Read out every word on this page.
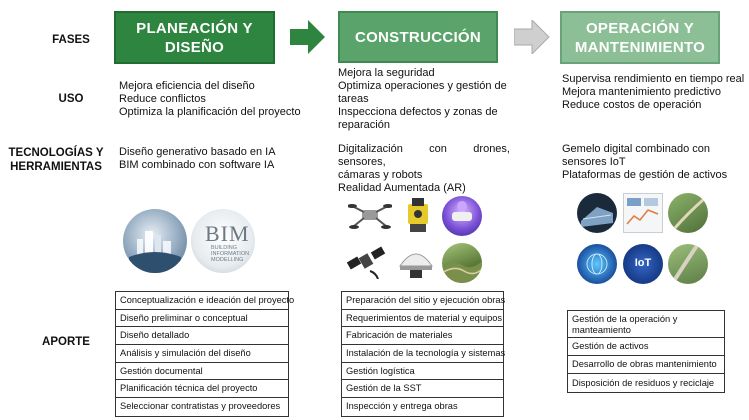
FASES
USO
TECNOLOGÍAS Y
HERRAMIENTAS
APORTE
PLANEACIÓN Y
DISEÑO
CONSTRUCCIÓN
OPERACIÓN Y
MANTENIMIENTO
Mejora eficiencia del diseño
Reduce conflictos
Optimiza la planificación del proyecto
Mejora la seguridad
Optimiza operaciones y gestión de
tareas
Inspecciona defectos y zonas de
reparación
Supervisa rendimiento en tiempo real
Mejora mantenimiento predictivo
Reduce costos de operación
Diseño generativo basado en IA
BIM combinado con software IA
Digitalización con drones, sensores,
cámaras y robots
Realidad Aumentada (AR)
Gemelo digital combinado con
sensores IoT
Plataformas de gestión de activos
BIM
BUILDING
INFORMATION
MODELLING	IoT
Conceptualización e ideación del proyecto
Diseño preliminar o conceptual
Diseño detallado
Análisis y simulación del diseño
Gestión documental
Planificación técnica del proyecto
Seleccionar contratistas y proveedores
Preparación del sitio y ejecución obras
Requerimientos de material y equipos
Fabricación de materiales
Instalación de la tecnología y sistemas
Gestión logística
Gestión de la SST
Inspección y entrega obras
Gestión de la operación y
manteamiento
Gestión de activos
Desarrollo de obras mantenimiento
Disposición de residuos y reciclaje
